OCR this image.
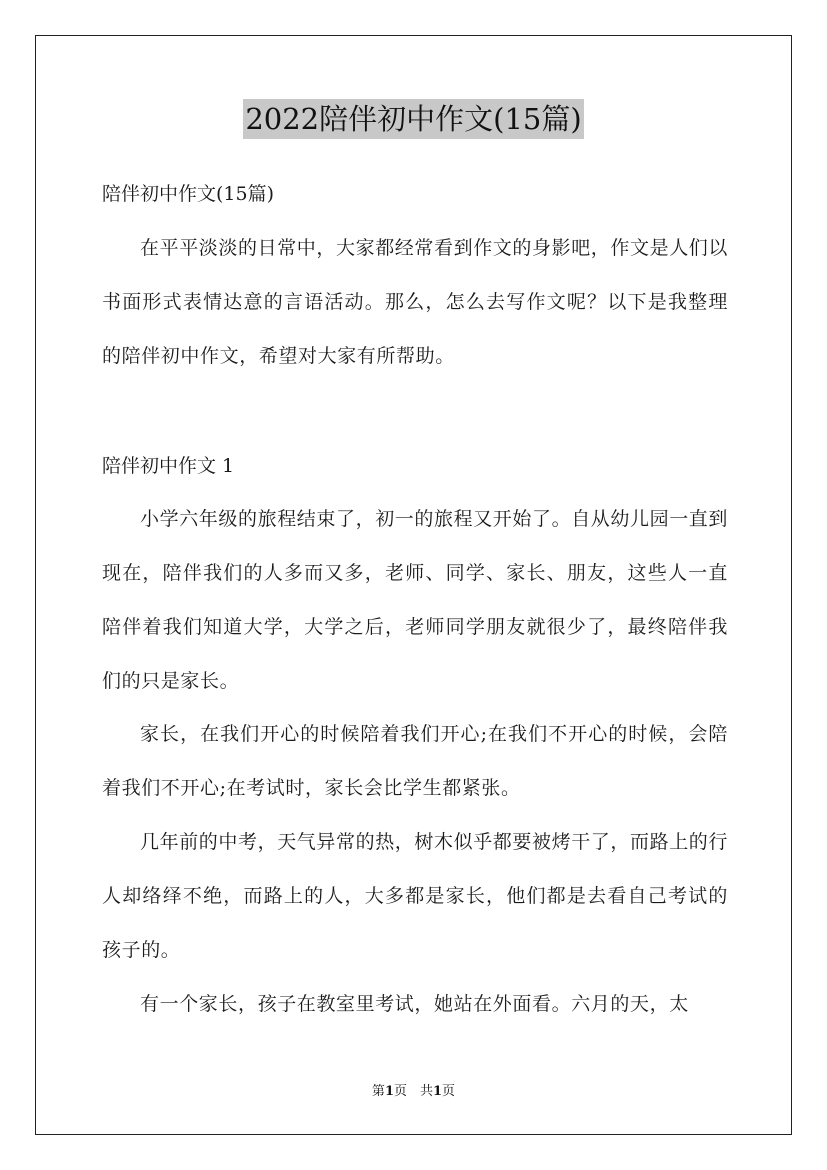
2022陪伴初中作文(15篇)

陪伴初中作文(15篇)

在平平淡淡的日常中，大家都经常看到作文的身影吧，作文是人们以书面形式表情达意的言语活动。那么，怎么去写作文呢？以下是我整理的陪伴初中作文，希望对大家有所帮助。

陪伴初中作文 1

小学六年级的旅程结束了，初一的旅程又开始了。自从幼儿园一直到现在，陪伴我们的人多而又多，老师、同学、家长、朋友，这些人一直陪伴着我们知道大学，大学之后，老师同学朋友就很少了，最终陪伴我们的只是家长。

家长，在我们开心的时候陪着我们开心;在我们不开心的时候，会陪着我们不开心;在考试时，家长会比学生都紧张。

几年前的中考，天气异常的热，树木似乎都要被烤干了，而路上的行人却络绎不绝，而路上的人，大多都是家长，他们都是去看自己考试的孩子的。

有一个家长，孩子在教室里考试，她站在外面看。六月的天，太

第1页　共1页
